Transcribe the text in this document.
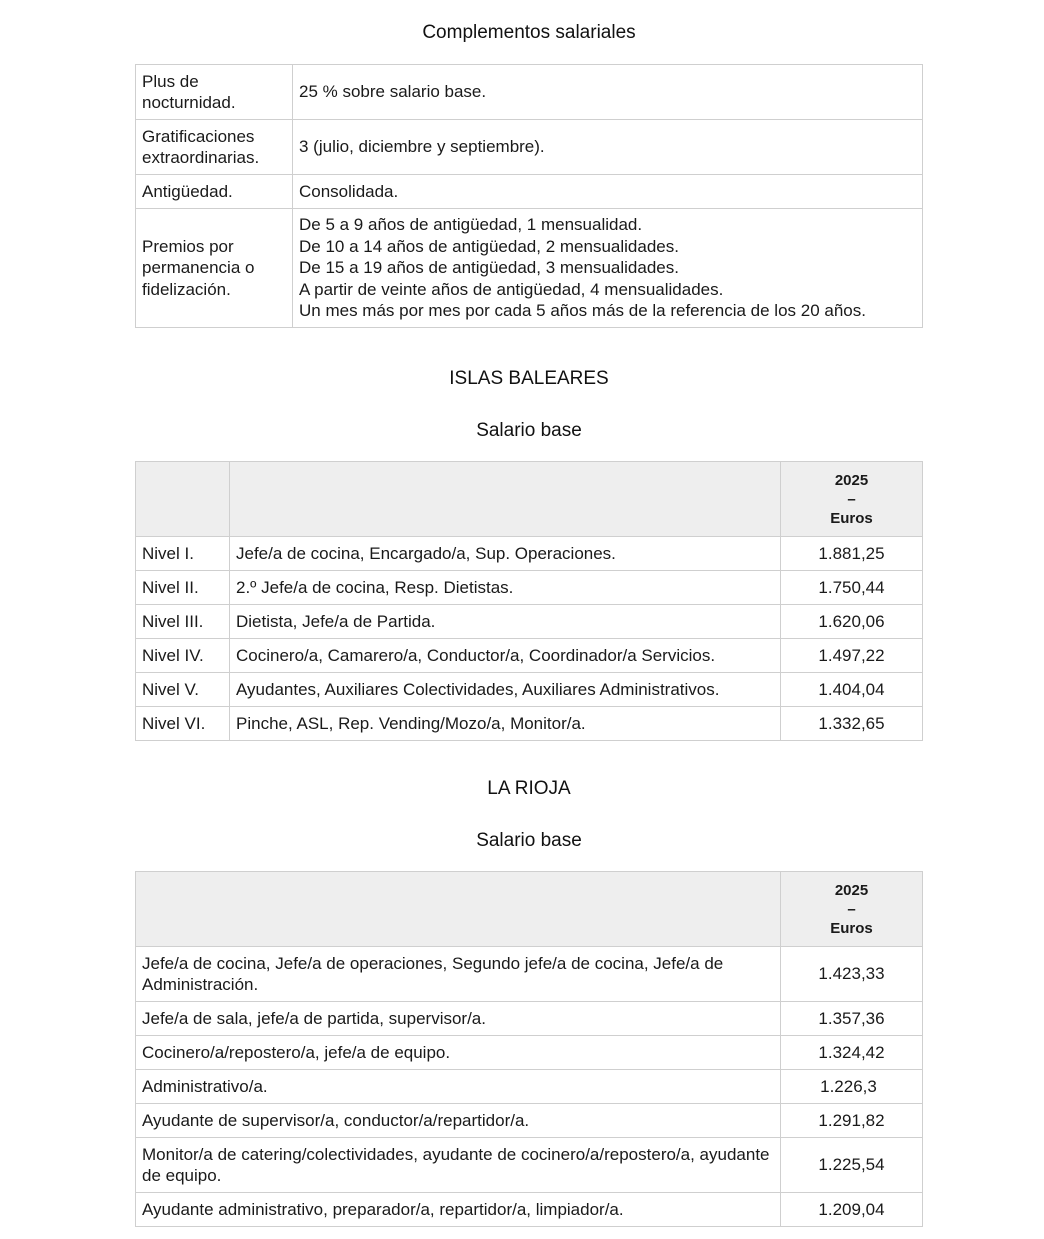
Complementos salariales
Plus de nocturnidad.	25 % sobre salario base.
Gratificaciones extraordinarias.	3 (julio, diciembre y septiembre).
Antigüedad.	Consolidada.
Premios por permanencia o fidelización.	De 5 a 9 años de antigüedad, 1 mensualidad.
De 10 a 14 años de antigüedad, 2 mensualidades.
De 15 a 19 años de antigüedad, 3 mensualidades.
A partir de veinte años de antigüedad, 4 mensualidades.
Un mes más por mes por cada 5 años más de la referencia de los 20 años.
ISLAS BALEARES
Salario base

		2025
–
Euros

Nivel I.	Jefe/a de cocina, Encargado/a, Sup. Operaciones.	1.881,25
Nivel II.	2.º Jefe/a de cocina, Resp. Dietistas.	1.750,44
Nivel III.	Dietista, Jefe/a de Partida.	1.620,06
Nivel IV.	Cocinero/a, Camarero/a, Conductor/a, Coordinador/a Servicios.	1.497,22
Nivel V.	Ayudantes, Auxiliares Colectividades, Auxiliares Administrativos.	1.404,04
Nivel VI.	Pinche, ASL, Rep. Vending/Mozo/a, Monitor/a.	1.332,65
LA RIOJA
Salario base

	2025
–
Euros

Jefe/a de cocina, Jefe/a de operaciones, Segundo jefe/a de cocina, Jefe/a de Administración.	1.423,33
Jefe/a de sala, jefe/a de partida, supervisor/a.	1.357,36
Cocinero/a/repostero/a, jefe/a de equipo.	1.324,42
Administrativo/a.	1.226,3
Ayudante de supervisor/a, conductor/a/repartidor/a.	1.291,82
Monitor/a de catering/colectividades, ayudante de cocinero/a/repostero/a, ayudante de equipo.	1.225,54
Ayudante administrativo, preparador/a, repartidor/a, limpiador/a.	1.209,04
